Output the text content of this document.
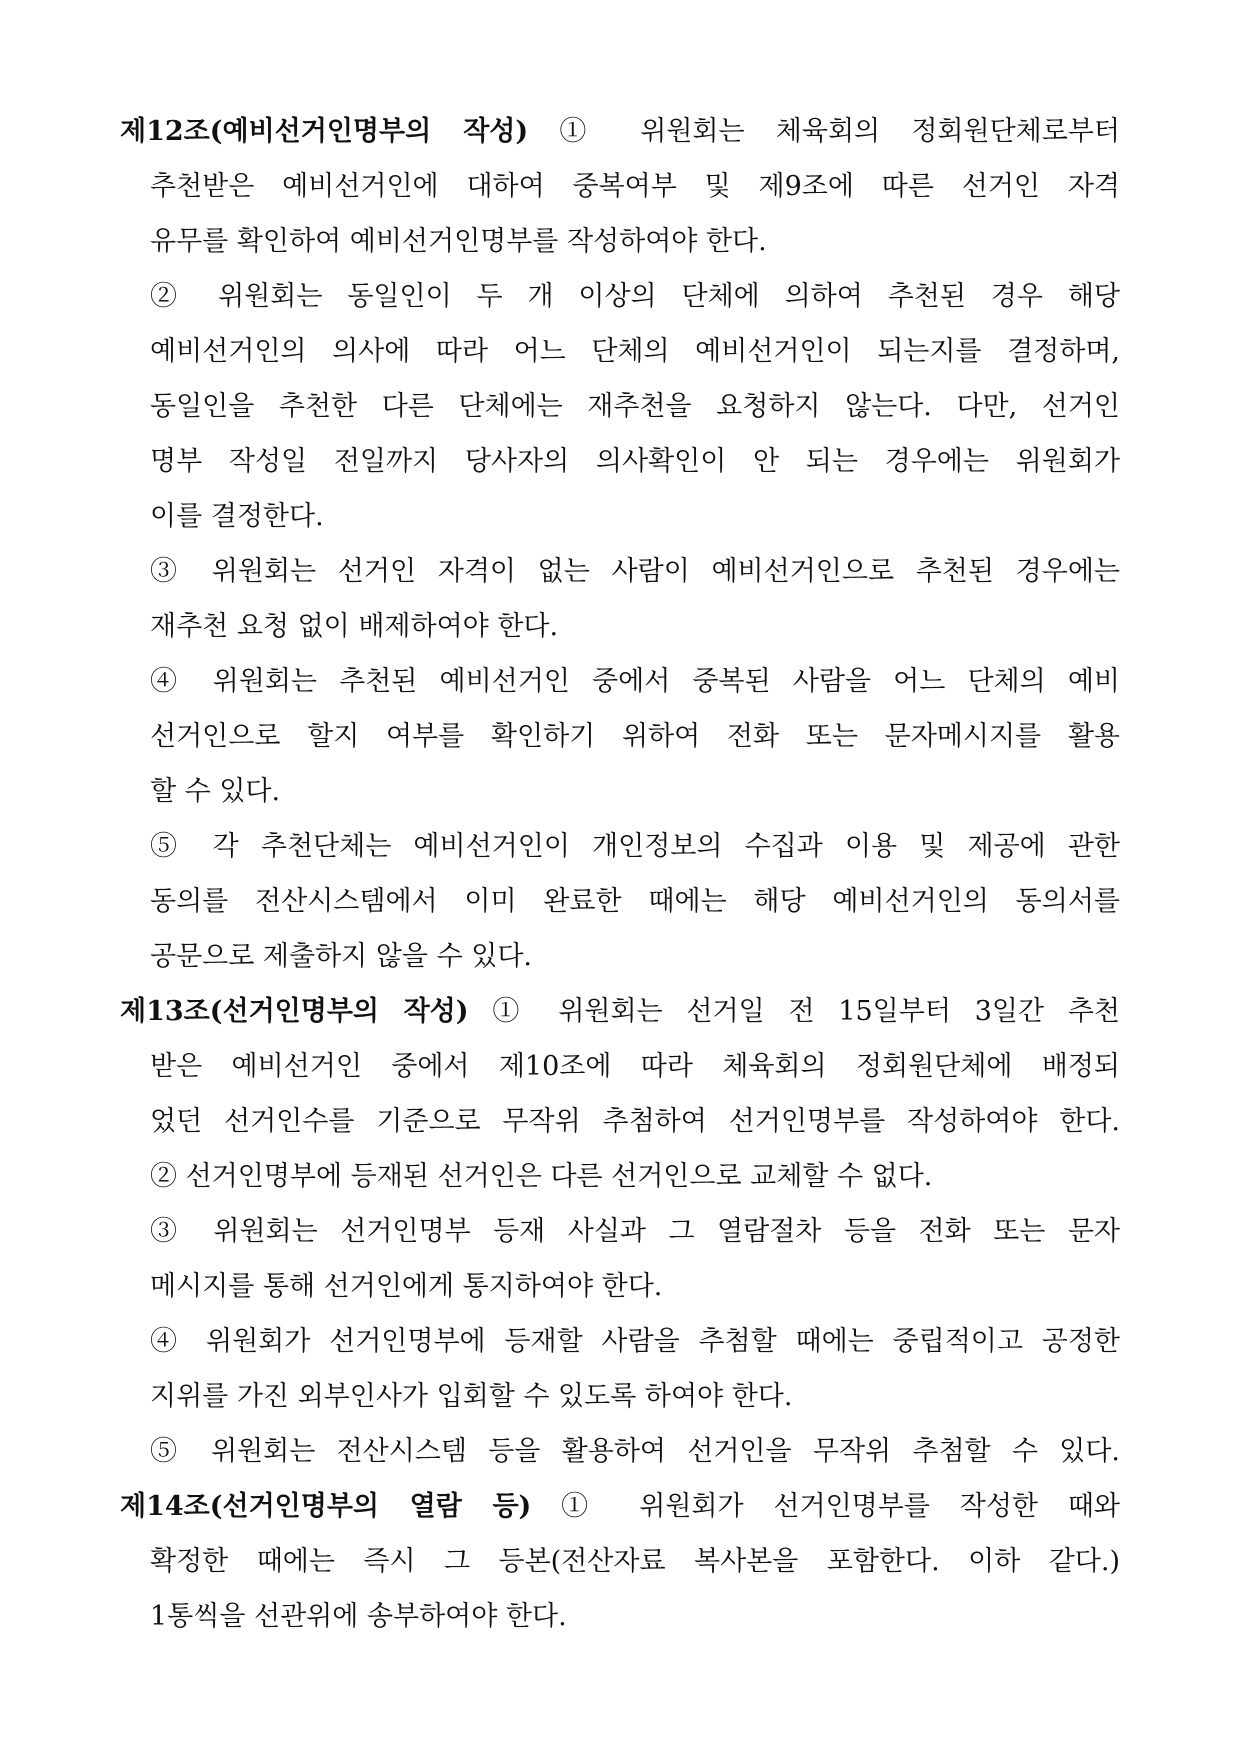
제12조(예비선거인명부의 작성) ① 위원회는 체육회의 정회원단체로부터
추천받은 예비선거인에 대하여 중복여부 및 제9조에 따른 선거인 자격
유무를 확인하여 예비선거인명부를 작성하여야 한다.
② 위원회는 동일인이 두 개 이상의 단체에 의하여 추천된 경우 해당
예비선거인의 의사에 따라 어느 단체의 예비선거인이 되는지를 결정하며,
동일인을 추천한 다른 단체에는 재추천을 요청하지 않는다. 다만, 선거인
명부 작성일 전일까지 당사자의 의사확인이 안 되는 경우에는 위원회가
이를 결정한다.
③ 위원회는 선거인 자격이 없는 사람이 예비선거인으로 추천된 경우에는
재추천 요청 없이 배제하여야 한다.
④ 위원회는 추천된 예비선거인 중에서 중복된 사람을 어느 단체의 예비
선거인으로 할지 여부를 확인하기 위하여 전화 또는 문자메시지를 활용
할 수 있다.
⑤ 각 추천단체는 예비선거인이 개인정보의 수집과 이용 및 제공에 관한
동의를 전산시스템에서 이미 완료한 때에는 해당 예비선거인의 동의서를
공문으로 제출하지 않을 수 있다.
제13조(선거인명부의 작성) ① 위원회는 선거일 전 15일부터 3일간 추천
받은 예비선거인 중에서 제10조에 따라 체육회의 정회원단체에 배정되
었던 선거인수를 기준으로 무작위 추첨하여 선거인명부를 작성하여야 한다.
② 선거인명부에 등재된 선거인은 다른 선거인으로 교체할 수 없다.
③ 위원회는 선거인명부 등재 사실과 그 열람절차 등을 전화 또는 문자
메시지를 통해 선거인에게 통지하여야 한다.
④ 위원회가 선거인명부에 등재할 사람을 추첨할 때에는 중립적이고 공정한
지위를 가진 외부인사가 입회할 수 있도록 하여야 한다.
⑤ 위원회는 전산시스템 등을 활용하여 선거인을 무작위 추첨할 수 있다.
제14조(선거인명부의 열람 등) ① 위원회가 선거인명부를 작성한 때와
확정한 때에는 즉시 그 등본(전산자료 복사본을 포함한다. 이하 같다.)
1통씩을 선관위에 송부하여야 한다.
